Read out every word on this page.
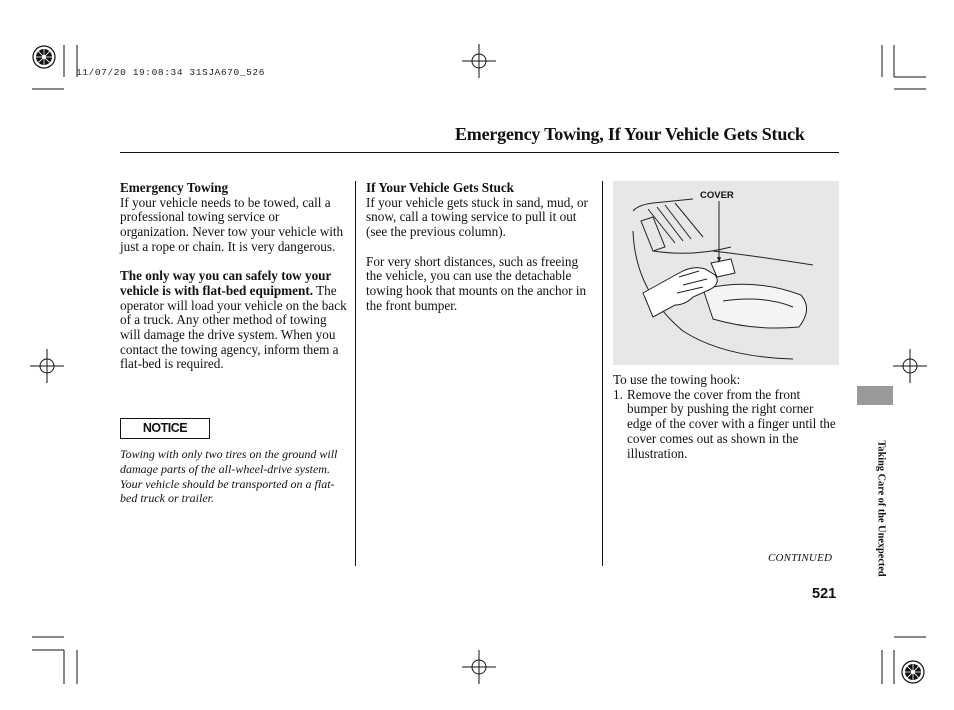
11/07/20 19:08:34 31SJA670_526
Emergency Towing, If Your Vehicle Gets Stuck

Emergency Towing

If your vehicle needs to be towed, call a professional towing service or organization. Never tow your vehicle with just a rope or chain. It is very dangerous.

The only way you can safely tow your vehicle is with flat-bed equipment. The operator will load your vehicle on the back of a truck. Any other method of towing will damage the drive system. When you contact the towing agency, inform them a flat-bed is required.

NOTICE
Towing with only two tires on the ground will damage parts of the all-wheel-drive system. Your vehicle should be transported on a flat-bed truck or trailer.

If Your Vehicle Gets Stuck

If your vehicle gets stuck in sand, mud, or snow, call a towing service to pull it out (see the previous column).

For very short distances, such as freeing the vehicle, you can use the detachable towing hook that mounts on the anchor in the front bumper.

COVER

To use the towing hook:

1. Remove the cover from the front bumper by pushing the right corner edge of the cover with a finger until the cover comes out as shown in the illustration.
CONTINUED
521
Taking Care of the Unexpected
